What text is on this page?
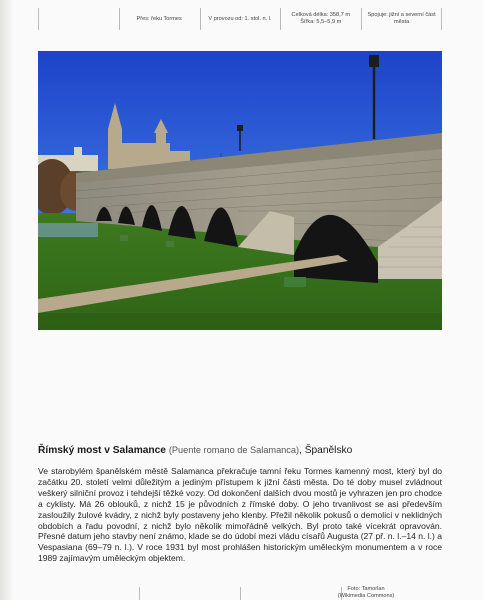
Přes: řeku Tormes	V provozu od: 1. stol. n. l.
Celková délka: 358,7 m
Šířka: 5,5–5,9 m
Spojuje: jižní a severní část města
Římský most v Salamance (Puente romano de Salamanca), Španělsko
Ve starobylém španělském městě Salamanca překračuje tamní řeku Tormes kamenný most, který byl do začátku 20. století velmi důležitým a jediným přístupem k jižní části města. Do té doby musel zvládnout veškerý silniční provoz i tehdejší těžké vozy. Od dokončení dalších dvou mostů je vyhrazen jen pro chodce a cyklisty. Má 26 oblouků, z nichž 15 je původních z římské doby. O jeho trvanlivost se asi především zasloužily žulové kvádry, z nichž byly postaveny jeho klenby. Přežil několik pokusů o demolici v neklidných obdobích a řadu povodní, z nichž bylo několik mimořádně velkých. Byl proto také vícekrát opravován. Přesné datum jeho stavby není známo, klade se do údobí mezi vládu císařů Augusta (27 př. n. l.–14 n. l.) a Vespasiana (69–79 n. l.). V roce 1931 byl most prohlášen historickým uměleckým monumentem a v roce 1989 zajímavým uměleckým objektem.
Foto: Tamorlan
(Wikimedia Commons)
